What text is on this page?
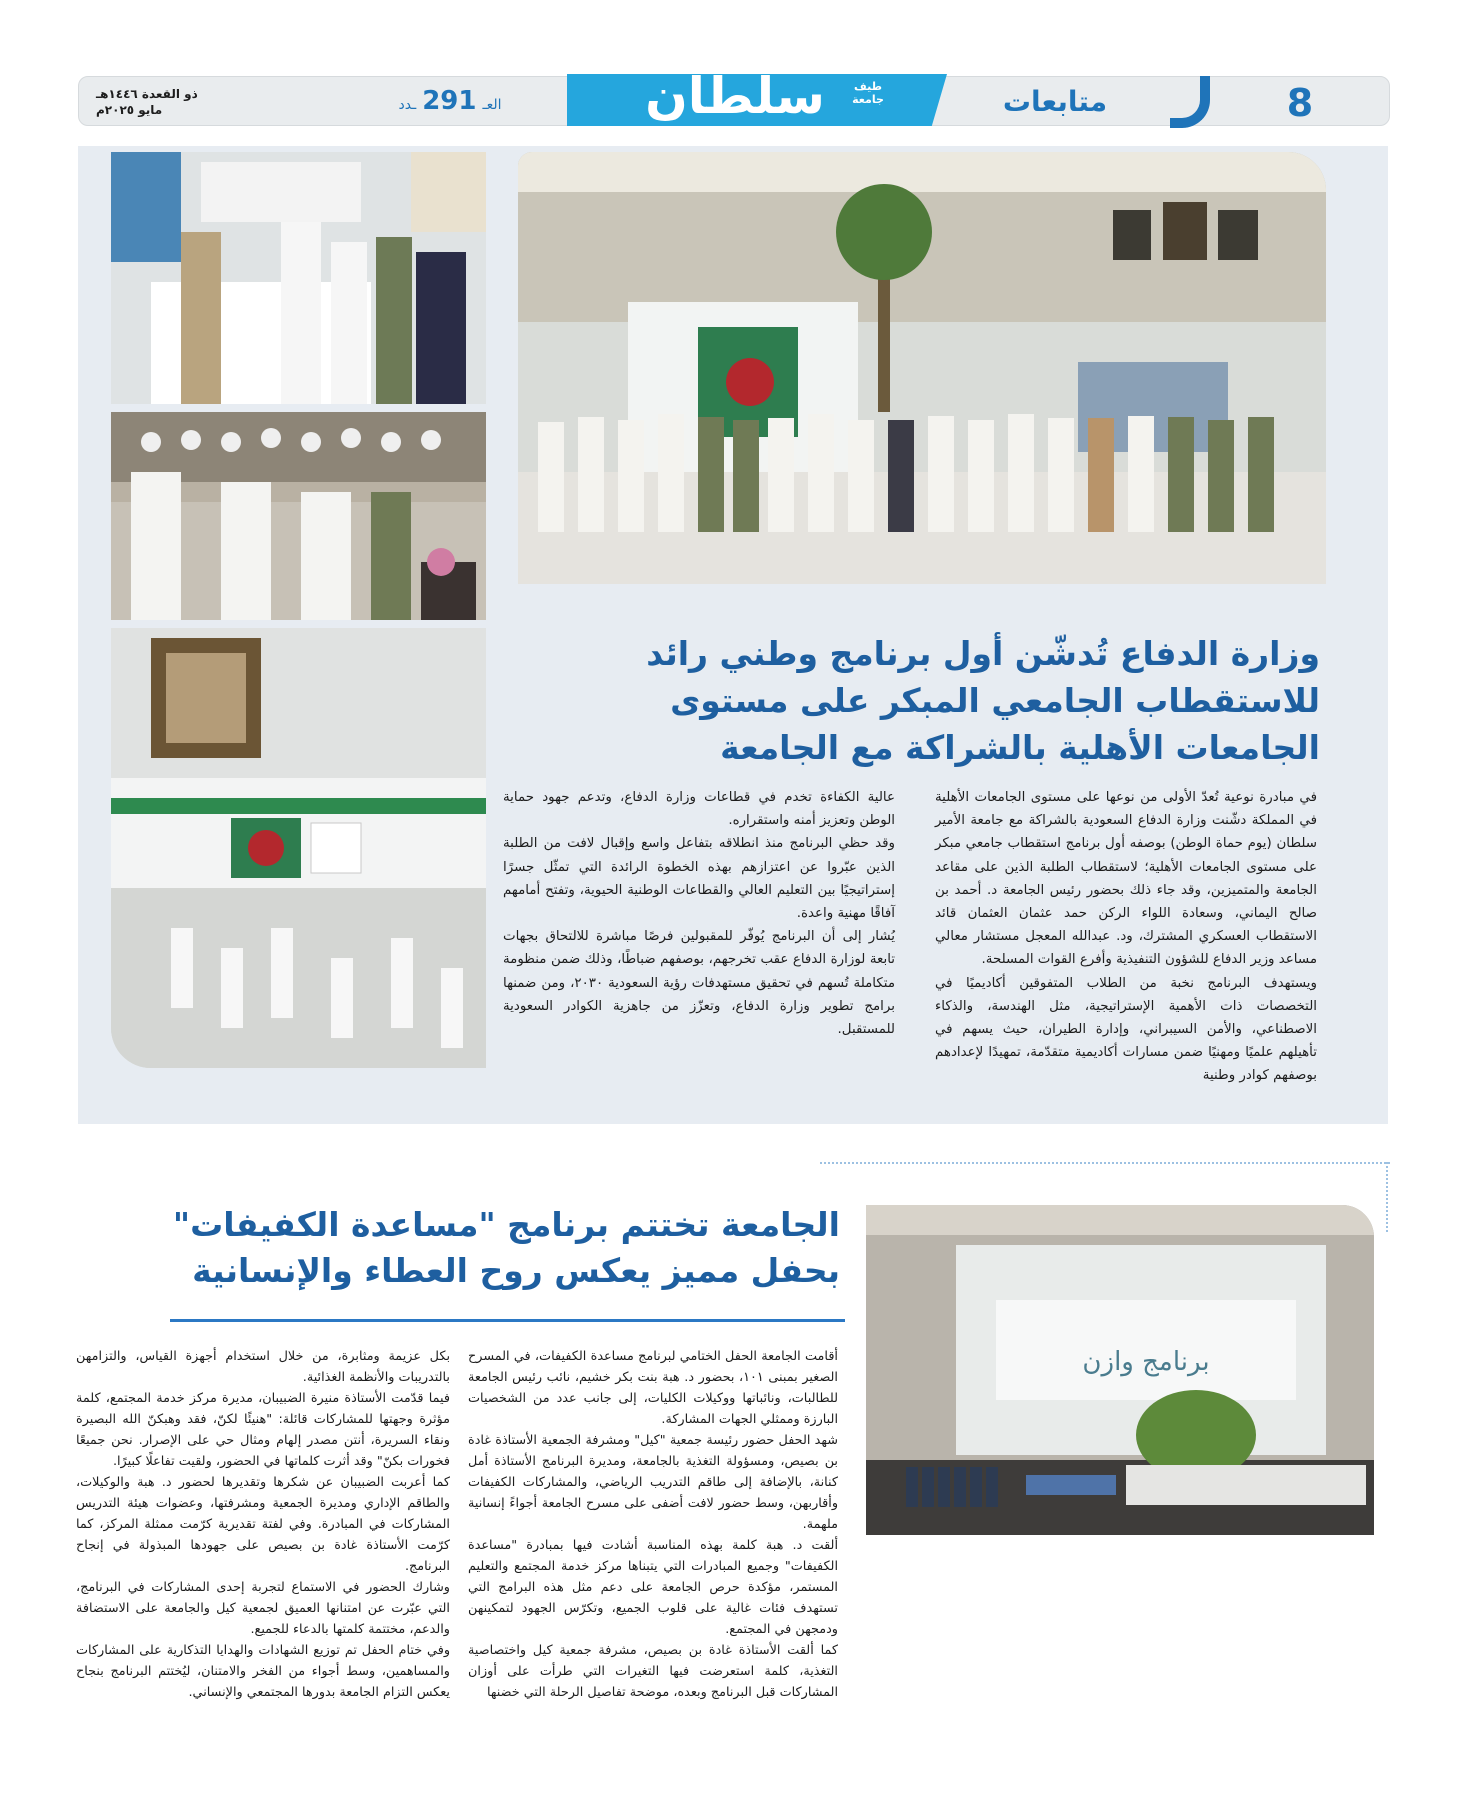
8
متابعات
سلطان	طيف جامعة
العـ291ـدد
ذو القعدة ١٤٤٦هـ
مايو ٢٠٢٥م
وزارة الدفاع تُدشّن أول برنامج وطني رائد للاستقطاب الجامعي المبكر على مستوى الجامعات الأهلية بالشراكة مع الجامعة

في مبادرة نوعية تُعدّ الأولى من نوعها على مستوى الجامعات الأهلية في المملكة دشّنت وزارة الدفاع السعودية بالشراكة مع جامعة الأمير سلطان (يوم حماة الوطن) بوصفه أول برنامج استقطاب جامعي مبكر على مستوى الجامعات الأهلية؛ لاستقطاب الطلبة الذين على مقاعد الجامعة والمتميزين، وقد جاء ذلك بحضور رئيس الجامعة د. أحمد بن صالح اليماني، وسعادة اللواء الركن حمد عثمان العثمان قائد الاستقطاب العسكري المشترك، ود. عبدالله المعجل مستشار معالي مساعد وزير الدفاع للشؤون التنفيذية وأفرع القوات المسلحة.

ويستهدف البرنامج نخبة من الطلاب المتفوقين أكاديميًا في التخصصات ذات الأهمية الإستراتيجية، مثل الهندسة، والذكاء الاصطناعي، والأمن السيبراني، وإدارة الطيران، حيث يسهم في تأهيلهم علميًا ومهنيًا ضمن مسارات أكاديمية متقدّمة، تمهيدًا لإعدادهم بوصفهم كوادر وطنية

عالية الكفاءة تخدم في قطاعات وزارة الدفاع، وتدعم جهود حماية الوطن وتعزيز أمنه واستقراره.

وقد حظي البرنامج منذ انطلاقه بتفاعل واسع وإقبال لافت من الطلبة الذين عبّروا عن اعتزازهم بهذه الخطوة الرائدة التي تمثّل جسرًا إستراتيجيًا بين التعليم العالي والقطاعات الوطنية الحيوية، وتفتح أمامهم آفاقًا مهنية واعدة.

يُشار إلى أن البرنامج يُوفّر للمقبولين فرصًا مباشرة للالتحاق بجهات تابعة لوزارة الدفاع عقب تخرجهم، بوصفهم ضباطًا، وذلك ضمن منظومة متكاملة تُسهم في تحقيق مستهدفات رؤية السعودية ٢٠٣٠، ومن ضمنها برامج تطوير وزارة الدفاع، وتعزّز من جاهزية الكوادر السعودية للمستقبل.

برنامج وازن
الجامعة تختتم برنامج "مساعدة الكفيفات" بحفل مميز يعكس روح العطاء والإنسانية

أقامت الجامعة الحفل الختامي لبرنامج مساعدة الكفيفات، في المسرح الصغير بمبنى ١٠١، بحضور د. هبة بنت بكر خشيم، نائب رئيس الجامعة للطالبات، ونائباتها ووكيلات الكليات، إلى جانب عدد من الشخصيات البارزة وممثلي الجهات المشاركة.

شهد الحفل حضور رئيسة جمعية "كيل" ومشرفة الجمعية الأستاذة غادة بن بصيص، ومسؤولة التغذية بالجامعة، ومديرة البرنامج الأستاذة أمل كنانة، بالإضافة إلى طاقم التدريب الرياضي، والمشاركات الكفيفات وأقاربهن، وسط حضور لافت أضفى على مسرح الجامعة أجواءً إنسانية ملهمة.

ألقت د. هبة كلمة بهذه المناسبة أشادت فيها بمبادرة "مساعدة الكفيفات" وجميع المبادرات التي يتبناها مركز خدمة المجتمع والتعليم المستمر، مؤكدة حرص الجامعة على دعم مثل هذه البرامج التي تستهدف فئات غالية على قلوب الجميع، وتكرّس الجهود لتمكينهن ودمجهن في المجتمع.

كما ألقت الأستاذة غادة بن بصيص، مشرفة جمعية كيل واختصاصية التغذية، كلمة استعرضت فيها التغيرات التي طرأت على أوزان المشاركات قبل البرنامج وبعده، موضحة تفاصيل الرحلة التي خضنها

بكل عزيمة ومثابرة، من خلال استخدام أجهزة القياس، والتزامهن بالتدريبات والأنظمة الغذائية.

فيما قدّمت الأستاذة منيرة الضبيبان، مديرة مركز خدمة المجتمع، كلمة مؤثرة وجهتها للمشاركات قائلة: "هنيئًا لكنّ، فقد وهبكنّ الله البصيرة ونقاء السريرة، أنتن مصدر إلهام ومثال حي على الإصرار. نحن جميعًا فخورات بكنّ" وقد أثرت كلماتها في الحضور، ولقيت تفاعلًا كبيرًا.

كما أعربت الضبيبان عن شكرها وتقديرها لحضور د. هبة والوكيلات، والطاقم الإداري ومديرة الجمعية ومشرفتها، وعضوات هيئة التدريس المشاركات في المبادرة. وفي لفتة تقديرية كرّمت ممثلة المركز، كما كرّمت الأستاذة غادة بن بصيص على جهودها المبذولة في إنجاح البرنامج.

وشارك الحضور في الاستماع لتجربة إحدى المشاركات في البرنامج، التي عبّرت عن امتنانها العميق لجمعية كيل والجامعة على الاستضافة والدعم، مختتمة كلمتها بالدعاء للجميع.

وفي ختام الحفل تم توزيع الشهادات والهدايا التذكارية على المشاركات والمساهمين، وسط أجواء من الفخر والامتنان، ليُختتم البرنامج بنجاح يعكس التزام الجامعة بدورها المجتمعي والإنساني.
